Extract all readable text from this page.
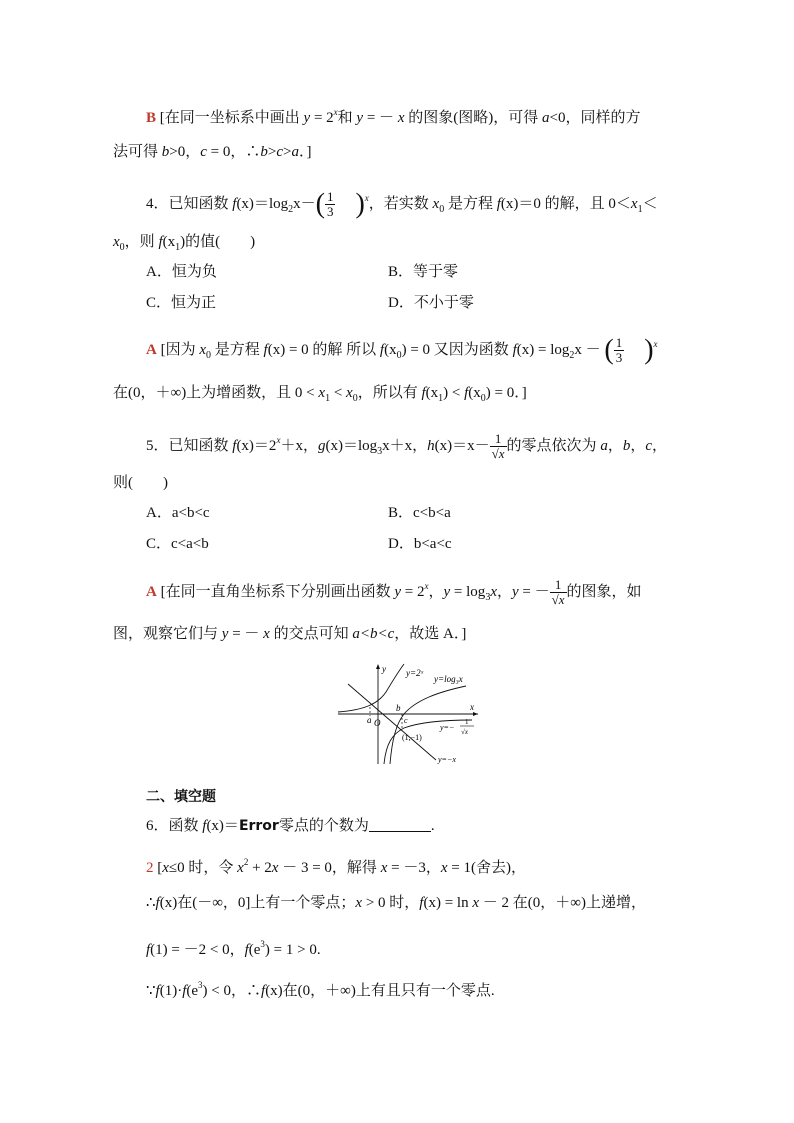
B [在同一坐标系中画出 $y = 2^x$和 y = － x 的图象(图略)，可得 a<0，同样的方
法可得 b>0，c = 0，∴b>c>a．]
4．已知函数 $f(x)=\log_2x-( \frac{1}{3} )^x$，若实数 $x_0$ 是方程 f(x)＝0 的解，且 $0<x_1<$
$x_0$，则 $f(x_1)$的值(　　)
A．恒为负	B．等于零
C．恒为正	D．不小于零
A [因为 $x_0$ 是方程 f(x) = 0 的解 所以 $f(x_0) = 0$ 又因为函数 $f(x) = \log_2x$ － ( $\frac{1}{3} )^x$
在(0，＋∞)上为增函数，且 $0 < x_1 < x_0$，所以有 $f(x_1) < f(x_0) = 0$．]
5．已知函数 $f(x)=2^x+x$，$g(x)=\log_3x+x$，$h(x)=x- \frac{1}{√x}$ 的零点依次为 a，b，c，
则(　　)
A．a<b<c	B．c<b<a
C．c<a<b	D．b<a<c
A [在同一直角坐标系下分别画出函数 $y = 2^x$，$y = \log_3x$，y = － $\frac{1}{√x}$ 的图象，如
图，观察它们与 y = － x 的交点可知 a<b<c，故选 A．]
y
x
y=2ˣ
y=log₃x
a O
b
c
(1,−1)
y=−
1
√x
y=−x
二、填空题
6．函数 f(x)＝Error零点的个数为	.
2 [x≤0 时，令 $x^2 + 2x - 3 = 0$，解得 x = －3，x = 1(舍去)，
∴f(x)在(－∞，0]上有一个零点；x > 0 时，f(x) = ln x － 2 在(0，＋∞)上递增，
f(1) = －2 < 0，$f(e^3) = 1 > 0$.
$\because f(1)\cdot f(e^3) < 0$，∴f(x)在(0，＋∞)上有且只有一个零点.
